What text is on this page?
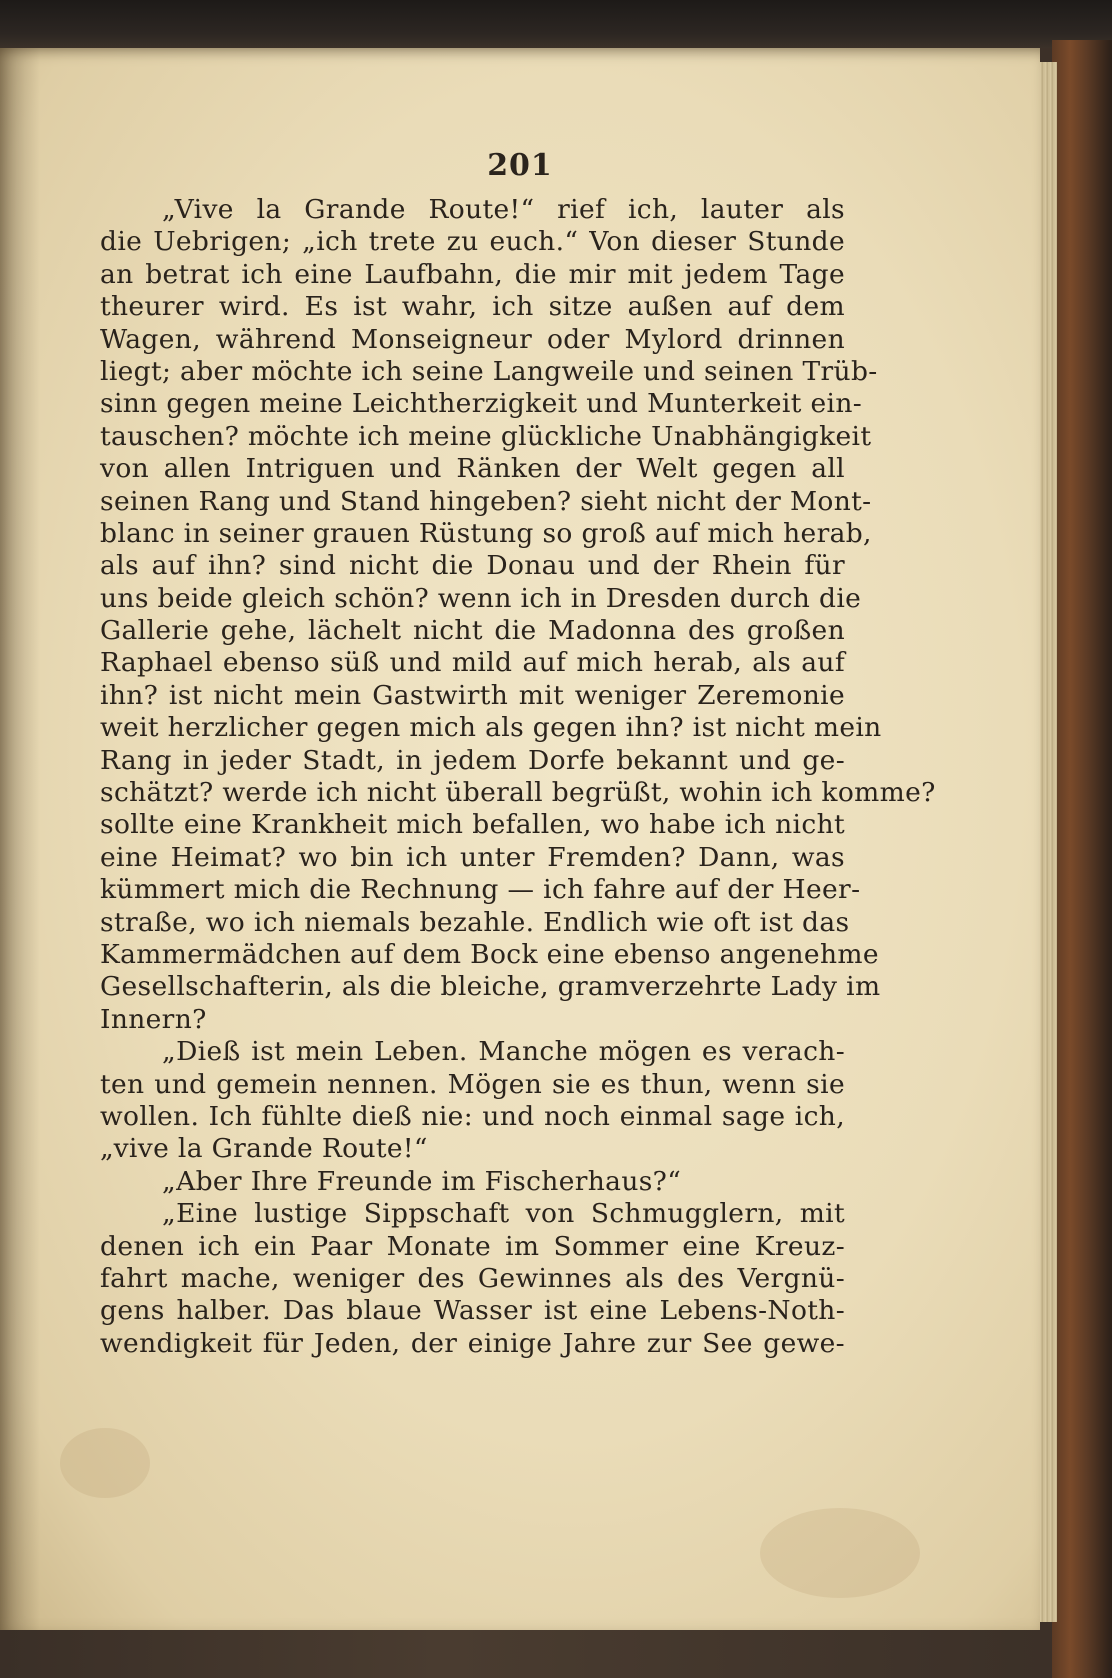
201
„Vive la Grande Route!“ rief ich, lauter als
die Uebrigen; „ich trete zu euch.“ Von dieser Stunde
an betrat ich eine Laufbahn, die mir mit jedem Tage
theurer wird. Es ist wahr, ich sitze außen auf dem
Wagen, während Monseigneur oder Mylord drinnen
liegt; aber möchte ich seine Langweile und seinen Trüb-
sinn gegen meine Leichtherzigkeit und Munterkeit ein-
tauschen? möchte ich meine glückliche Unabhängigkeit
von allen Intriguen und Ränken der Welt gegen all
seinen Rang und Stand hingeben? sieht nicht der Mont-
blanc in seiner grauen Rüstung so groß auf mich herab,
als auf ihn? sind nicht die Donau und der Rhein für
uns beide gleich schön? wenn ich in Dresden durch die
Gallerie gehe, lächelt nicht die Madonna des großen
Raphael ebenso süß und mild auf mich herab, als auf
ihn? ist nicht mein Gastwirth mit weniger Zeremonie
weit herzlicher gegen mich als gegen ihn? ist nicht mein
Rang in jeder Stadt, in jedem Dorfe bekannt und ge-
schätzt? werde ich nicht überall begrüßt, wohin ich komme?
sollte eine Krankheit mich befallen, wo habe ich nicht
eine Heimat? wo bin ich unter Fremden? Dann, was
kümmert mich die Rechnung — ich fahre auf der Heer-
straße, wo ich niemals bezahle. Endlich wie oft ist das
Kammermädchen auf dem Bock eine ebenso angenehme
Gesellschafterin, als die bleiche, gramverzehrte Lady im
Innern?
„Dieß ist mein Leben. Manche mögen es verach-
ten und gemein nennen. Mögen sie es thun, wenn sie
wollen. Ich fühlte dieß nie: und noch einmal sage ich,
„vive la Grande Route!“
„Aber Ihre Freunde im Fischerhaus?“
„Eine lustige Sippschaft von Schmugglern, mit
denen ich ein Paar Monate im Sommer eine Kreuz-
fahrt mache, weniger des Gewinnes als des Vergnü-
gens halber. Das blaue Wasser ist eine Lebens-Noth-
wendigkeit für Jeden, der einige Jahre zur See gewe-
